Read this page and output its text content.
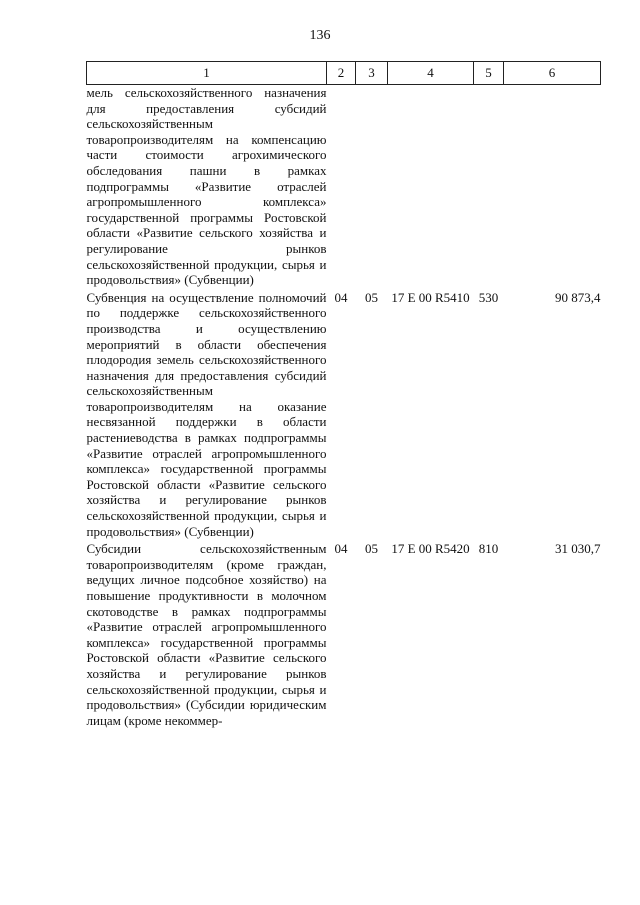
136
1	2	3	4	5	6
мель сельскохозяйственного назначения для предоставления субсидий сельскохозяйственным товаропроизводителям на компенсацию части стоимости агрохимического обследования пашни в рамках подпрограммы «Развитие отраслей агропромышленного комплекса» государственной программы Ростовской области «Развитие сельского хозяйства и регулирование рынков сельскохозяйственной продукции, сырья и продовольствия» (Субвенции)					
Субвенция на осуществление полномочий по поддержке сельскохозяйственного производства и осуществлению мероприятий в области обеспечения плодородия земель сельскохозяйственного назначения для предоставления субсидий сельскохозяйственным товаропроизводителям на оказание несвязанной поддержки в области растениеводства в рамках подпрограммы «Развитие отраслей агропромышленного комплекса» государственной программы Ростовской области «Развитие сельского хозяйства и регулирование рынков сельскохозяйственной продукции, сырья и продовольствия» (Субвенции)	04	05	17 Е 00 R5410	530	90 873,4
Субсидии сельскохозяйственным товаропроизводителям (кроме граждан, ведущих личное подсобное хозяйство) на повышение продуктивности в молочном скотоводстве в рамках подпрограммы «Развитие отраслей агропромышленного комплекса» государственной программы Ростовской области «Развитие сельского хозяйства и регулирование рынков сельскохозяйственной продукции, сырья и продовольствия» (Субсидии юридическим лицам (кроме некоммер-	04	05	17 Е 00 R5420	810	31 030,7
